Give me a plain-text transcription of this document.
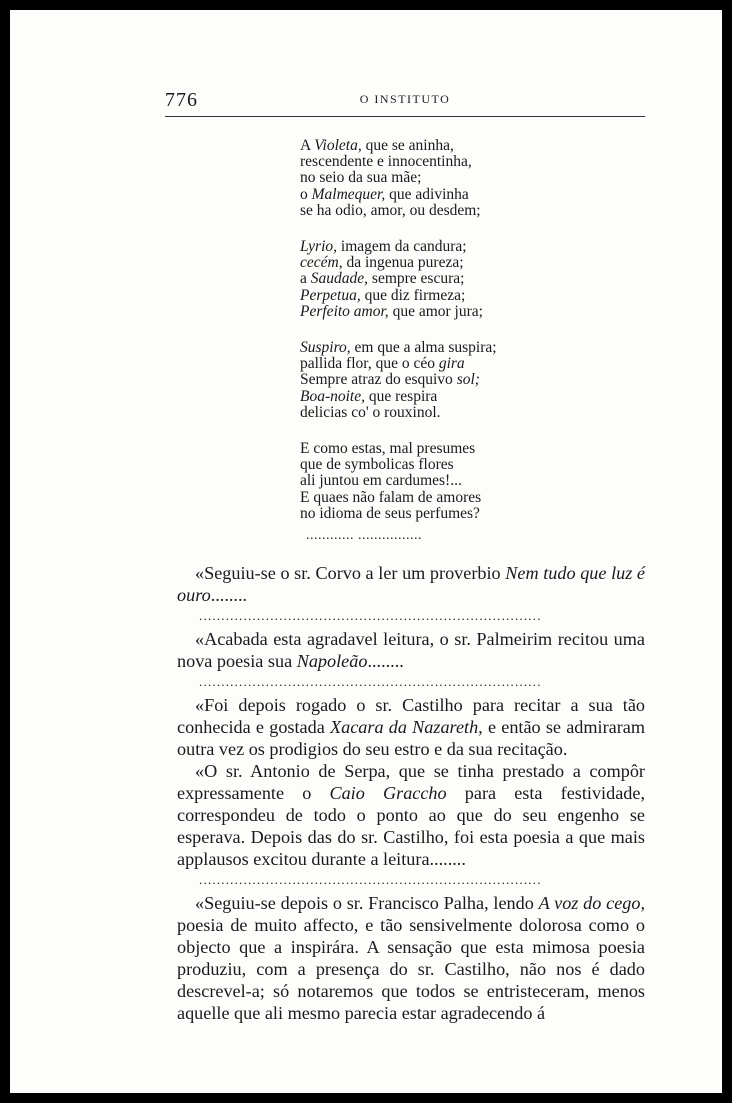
776	O INSTITUTO
A Violeta, que se aninha,
rescendente e innocentinha,
no seio da sua mãe;
o Malmequer, que adivinha
se ha odio, amor, ou desdem;
Lyrio, imagem da candura;
cecém, da ingenua pureza;
a Saudade, sempre escura;
Perpetua, que diz firmeza;
Perfeito amor, que amor jura;
Suspiro, em que a alma suspira;
pallida flor, que o céo gira
Sempre atraz do esquivo sol;
Boa-noite, que respira
delicias co' o rouxinol.
E como estas, mal presumes
que de symbolicas flores
ali juntou em cardumes!...
E quaes não falam de amores
no idioma de seus perfumes?
............ ................

«Seguiu-se o sr. Corvo a ler um proverbio Nem tudo que luz é ouro........

.............................................................................

«Acabada esta agradavel leitura, o sr. Palmeirim recitou uma nova poesia sua Napoleão........

.............................................................................

«Foi depois rogado o sr. Castilho para recitar a sua tão conhecida e gostada Xacara da Nazareth, e então se admiraram outra vez os prodigios do seu estro e da sua recitação.

«O sr. Antonio de Serpa, que se tinha prestado a compôr expressamente o Caio Graccho para esta festividade, correspondeu de todo o ponto ao que do seu engenho se esperava. Depois das do sr. Castilho, foi esta poesia a que mais applausos excitou durante a leitura........

.............................................................................

«Seguiu-se depois o sr. Francisco Palha, lendo A voz do cego, poesia de muito affecto, e tão sensivelmente dolorosa como o objecto que a inspirára. A sensação que esta mimosa poesia produziu, com a presença do sr. Castilho, não nos é dado descrevel-a; só notaremos que todos se entristeceram, menos aquelle que ali mesmo parecia estar agradecendo á
